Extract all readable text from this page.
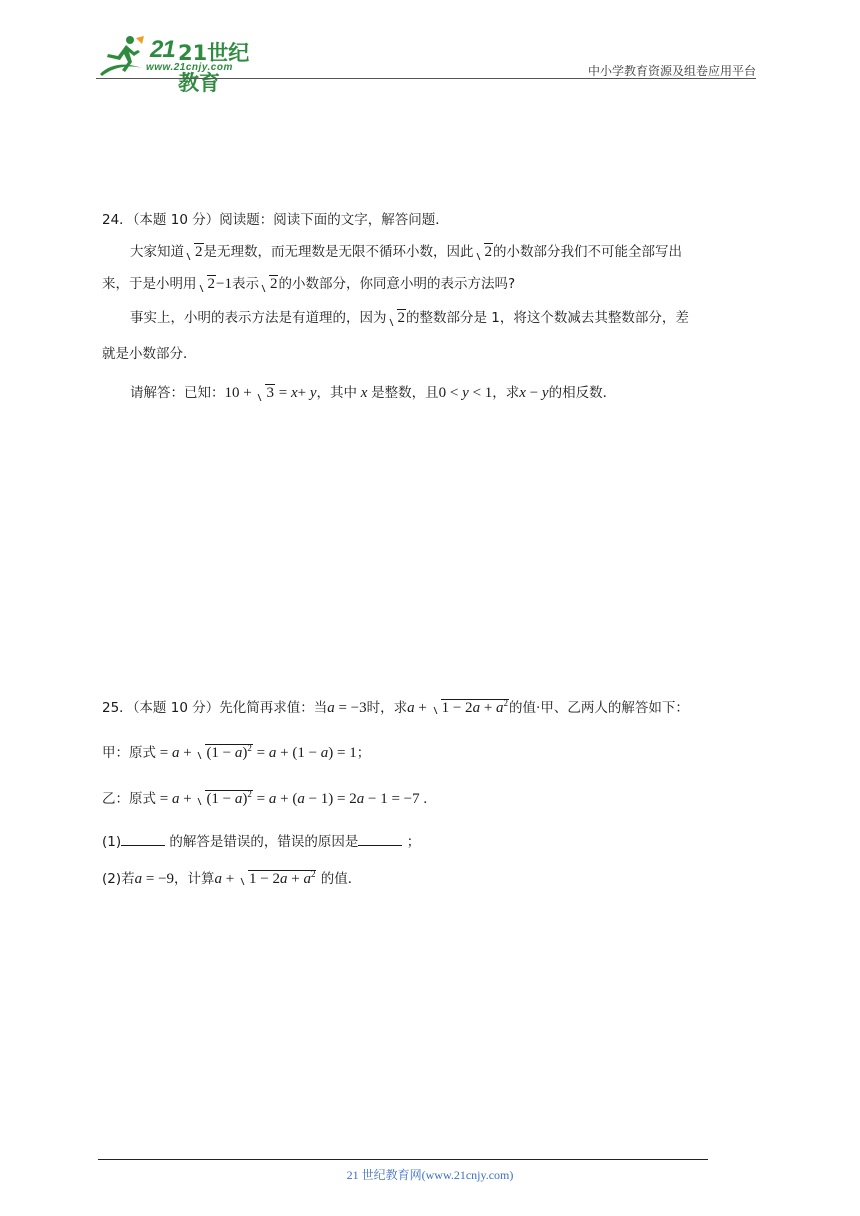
21 21世纪教育
www.21cnjy.com	中小学教育资源及组卷应用平台
24．（本题 10 分）阅读题：阅读下面的文字，解答问题．
大家知道 2是无理数，而无理数是无限不循环小数，因此 2的小数部分我们不可能全部写出
来，于是小明用 2−1表示 2的小数部分，你同意小明的表示方法吗?
事实上，小明的表示方法是有道理的，因为 2的整数部分是 1，将这个数减去其整数部分，差
就是小数部分．
请解答：已知：10 + 3 = x+ y，其中 x 是整数，且0 < y < 1，求x − y的相反数．
25．（本题 10 分）先化简再求值：当a = −3时，求$a + 1 - 2a + a^2$的值·甲、乙两人的解答如下：
甲：原式 = $a + (1 - a)^2 = a + (1 - a) = 1$；
乙：原式 = $a + (1 - a)^2 = a + (a - 1) = 2a - 1 = -7$ .
(1)	的解答是错误的，错误的原因是	；
(2)若a = −9，计算$a + 1 - 2a + a^2$ 的值．
21 世纪教育网(www.21cnjy.com)
